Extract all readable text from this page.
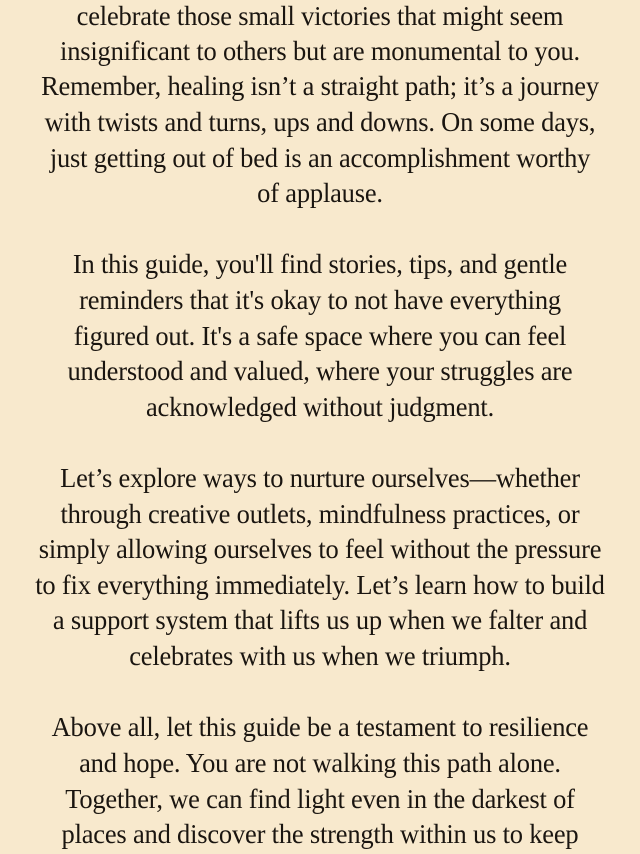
celebrate those small victories that might seem
insignificant to others but are monumental to you.
Remember, healing isn’t a straight path; it’s a journey
with twists and turns, ups and downs. On some days,
just getting out of bed is an accomplishment worthy
of applause.
In this guide, you'll find stories, tips, and gentle
reminders that it's okay to not have everything
figured out. It's a safe space where you can feel
understood and valued, where your struggles are
acknowledged without judgment.
Let’s explore ways to nurture ourselves—whether
through creative outlets, mindfulness practices, or
simply allowing ourselves to feel without the pressure
to fix everything immediately. Let’s learn how to build
a support system that lifts us up when we falter and
celebrates with us when we triumph.
Above all, let this guide be a testament to resilience
and hope. You are not walking this path alone.
Together, we can find light even in the darkest of
places and discover the strength within us to keep
